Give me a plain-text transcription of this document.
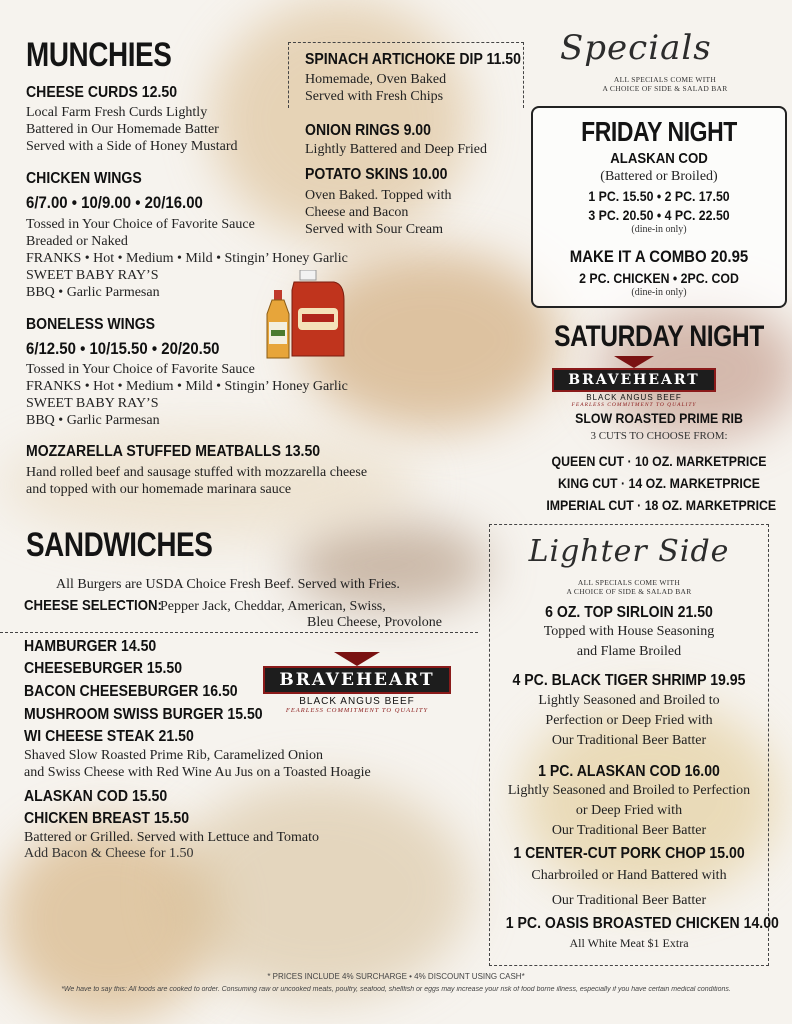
MUNCHIES
CHEESE CURDS 12.50
Local Farm Fresh Curds Lightly
Battered in Our Homemade Batter
Served with a Side of Honey Mustard
CHICKEN WINGS
6/7.00 • 10/9.00 • 20/16.00
Tossed in Your Choice of Favorite Sauce
Breaded or Naked
FRANKS • Hot • Medium • Mild • Stingin’ Honey Garlic
SWEET BABY RAY’S
BBQ • Garlic Parmesan
BONELESS WINGS
6/12.50 • 10/15.50 • 20/20.50
Tossed in Your Choice of Favorite Sauce
FRANKS • Hot • Medium • Mild • Stingin’ Honey Garlic
SWEET BABY RAY’S
BBQ • Garlic Parmesan
MOZZARELLA STUFFED MEATBALLS 13.50
Hand rolled beef and sausage stuffed with mozzarella cheese
and topped with our homemade marinara sauce
SPINACH ARTICHOKE DIP 11.50
Homemade, Oven Baked
Served with Fresh Chips
ONION RINGS 9.00
Lightly Battered and Deep Fried
POTATO SKINS 10.00
Oven Baked. Topped with
Cheese and Bacon
Served with Sour Cream
Specials
ALL SPECIALS COME WITH
A CHOICE OF SIDE & SALAD BAR
FRIDAY NIGHT
ALASKAN COD
(Battered or Broiled)
1 PC. 15.50 • 2 PC. 17.50
3 PC. 20.50 • 4 PC. 22.50
(dine-in only)
MAKE IT A COMBO 20.95
2 PC. CHICKEN • 2PC. COD
(dine-in only)
SATURDAY NIGHT
BRAVEHEART
BLACK ANGUS BEEF
FEARLESS COMMITMENT TO QUALITY
SLOW ROASTED PRIME RIB
3 CUTS TO CHOOSE FROM:
QUEEN CUT · 10 OZ. MARKETPRICE
KING CUT · 14 OZ. MARKETPRICE
IMPERIAL CUT · 18 OZ. MARKETPRICE
SANDWICHES
All Burgers are USDA Choice Fresh Beef. Served with Fries.
CHEESE SELECTION:
Pepper Jack, Cheddar, American, Swiss,
Bleu Cheese, Provolone
HAMBURGER 14.50
CHEESEBURGER 15.50
BACON CHEESEBURGER 16.50
MUSHROOM SWISS BURGER 15.50
WI CHEESE STEAK 21.50
Shaved Slow Roasted Prime Rib, Caramelized Onion
and Swiss Cheese with Red Wine Au Jus on a Toasted Hoagie
BRAVEHEART
BLACK ANGUS BEEF
FEARLESS COMMITMENT TO QUALITY
ALASKAN COD 15.50
CHICKEN BREAST 15.50
Battered or Grilled. Served with Lettuce and Tomato
Add Bacon & Cheese for 1.50
Lighter Side
ALL SPECIALS COME WITH
A CHOICE OF SIDE & SALAD BAR
6 OZ. TOP SIRLOIN 21.50
Topped with House Seasoning
and Flame Broiled
4 PC. BLACK TIGER SHRIMP 19.95
Lightly Seasoned and Broiled to
Perfection or Deep Fried with
Our Traditional Beer Batter
1 PC. ALASKAN COD 16.00
Lightly Seasoned and Broiled to Perfection
or Deep Fried with
Our Traditional Beer Batter
1 CENTER-CUT PORK CHOP 15.00
Charbroiled or Hand Battered with
Our Traditional Beer Batter
1 PC. OASIS BROASTED CHICKEN 14.00
All White Meat $1 Extra
* PRICES INCLUDE 4% SURCHARGE • 4% DISCOUNT USING CASH*
*We have to say this: All foods are cooked to order. Consuming raw or uncooked meats, poultry, seafood, shellfish or eggs may increase your risk of food borne illness, especially if you have certain medical conditions.
